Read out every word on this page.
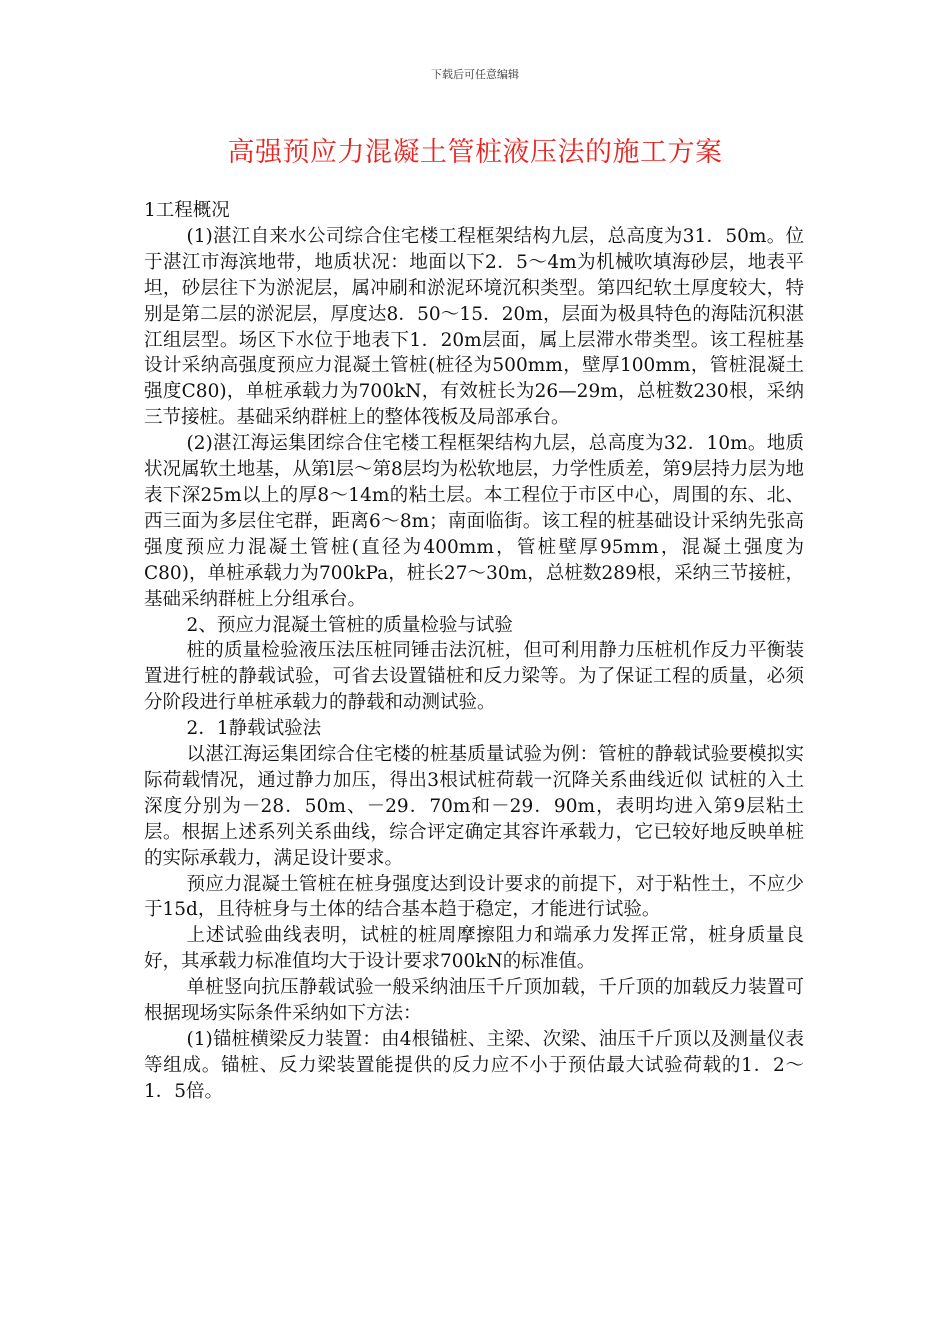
下载后可任意编辑
高强预应力混凝土管桩液压法的施工方案

1工程概况

(1)湛江自来水公司综合住宅楼工程框架结构九层，总高度为31．50m。位于湛江市海滨地带，地质状况：地面以下2．5～4m为机械吹填海砂层，地表平坦，砂层往下为淤泥层，属冲刷和淤泥环境沉积类型。第四纪软土厚度较大，特别是第二层的淤泥层，厚度达8．50～15．20m，层面为极具特色的海陆沉积湛江组层型。场区下水位于地表下1．20m层面，属上层滞水带类型。该工程桩基设计采纳高强度预应力混凝土管桩(桩径为500mm，壁厚100mm，管桩混凝土强度C80)，单桩承载力为700kN，有效桩长为26—29m，总桩数230根，采纳三节接桩。基础采纳群桩上的整体筏板及局部承台。

(2)湛江海运集团综合住宅楼工程框架结构九层，总高度为32．10m。地质状况属软土地基，从第l层～第8层均为松软地层，力学性质差，第9层持力层为地表下深25m以上的厚8～14m的粘土层。本工程位于市区中心，周围的东、北、西三面为多层住宅群，距离6～8m；南面临街。该工程的桩基础设计采纳先张高强度预应力混凝土管桩(直径为400mm，管桩壁厚95mm，混凝土强度为C80)，单桩承载力为700kPa，桩长27～30m，总桩数289根，采纳三节接桩，基础采纳群桩上分组承台。

2、预应力混凝土管桩的质量检验与试验

桩的质量检验液压法压桩同锤击法沉桩，但可利用静力压桩机作反力平衡装置进行桩的静载试验，可省去设置锚桩和反力梁等。为了保证工程的质量，必须分阶段进行单桩承载力的静载和动测试验。

2．1静载试验法

以湛江海运集团综合住宅楼的桩基质量试验为例：管桩的静载试验要模拟实际荷载情况，通过静力加压，得出3根试桩荷载一沉降关系曲线近似 试桩的入土深度分别为－28．50m、－29．70m和－29．90m，表明均进入第9层粘土层。根据上述系列关系曲线，综合评定确定其容许承载力，它已较好地反映单桩的实际承载力，满足设计要求。

预应力混凝土管桩在桩身强度达到设计要求的前提下，对于粘性土，不应少于15d，且待桩身与土体的结合基本趋于稳定，才能进行试验。

上述试验曲线表明，试桩的桩周摩擦阻力和端承力发挥正常，桩身质量良好，其承载力标准值均大于设计要求700kN的标准值。

单桩竖向抗压静载试验一般采纳油压千斤顶加载，千斤顶的加载反力装置可根据现场实际条件采纳如下方法：

(1)锚桩横梁反力装置：由4根锚桩、主梁、次梁、油压千斤顶以及测量仪表等组成。锚桩、反力梁装置能提供的反力应不小于预估最大试验荷载的1．2～1．5倍。
